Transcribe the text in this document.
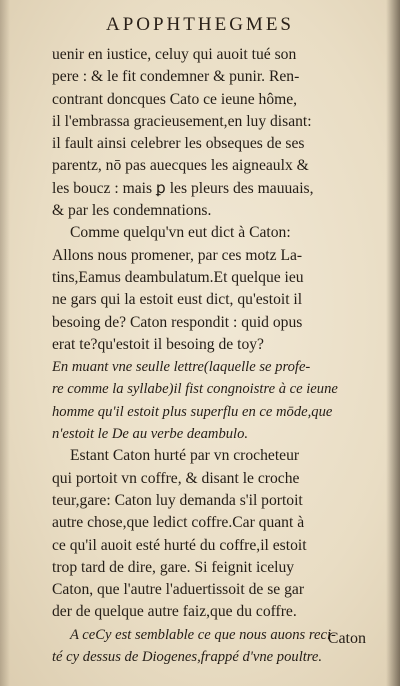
APOPHTHEGMES
uenir en iustice, celuy qui auoit tué son
pere : & le fit condemner & punir. Ren-
contrant doncques Cato ce ieune hôme,
il l'embrassa gracieusement,en luy disant:
il fault ainsi celebrer les obseques de ses
parentz, nō pas auecques les aigneaulx &
les boucz : mais ꝑ les pleurs des mauuais,
& par les condemnations.
Comme quelqu'vn eut dict à Caton:
Allons nous promener, par ces motz La-
tins,Eamus deambulatum.Et quelque ieu
ne gars qui la estoit eust dict, qu'estoit il
besoing de? Caton respondit : quid opus
erat te?qu'estoit il besoing de toy?
En muant vne seulle lettre(laquelle se profe-
re comme la syllabe)il fist congnoistre à ce ieune
homme qu'il estoit plus superflu en ce mōde,que
n'estoit le De au verbe deambulo.
Estant Caton hurté par vn crocheteur
qui portoit vn coffre, & disant le croche
teur,gare: Caton luy demanda s'il portoit
autre chose,que ledict coffre.Car quant à
ce qu'il auoit esté hurté du coffre,il estoit
trop tard de dire, gare. Si feignit iceluy
Caton, que l'autre l'aduertissoit de se gar
der de quelque autre faiz,que du coffre.
A ceCy est semblable ce que nous auons reci-
té cy dessus de Diogenes,frappé d'vne poultre.
Caton
